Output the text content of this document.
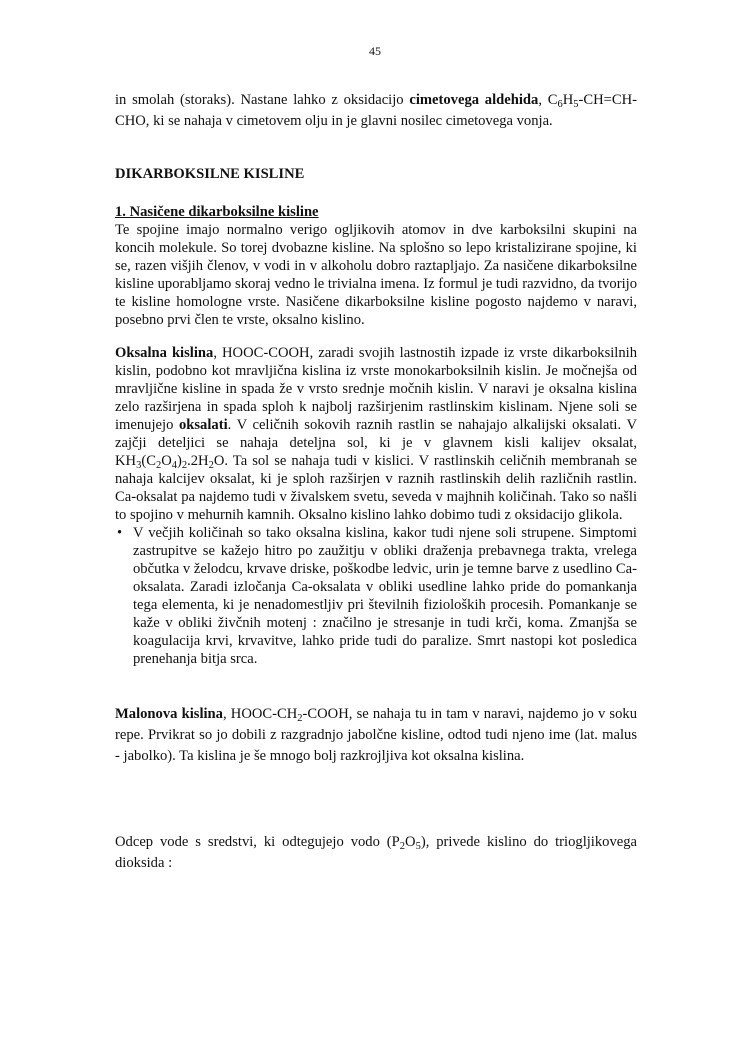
45

in smolah (storaks). Nastane lahko z oksidacijo cimetovega aldehida, $C_6H_5-CH=CH$-CHO, ki se nahaja v cimetovem olju in je glavni nosilec cimetovega vonja.

DIKARBOKSILNE KISLINE

1. Nasičene dikarboksilne kisline

Te spojine imajo normalno verigo ogljikovih atomov in dve karboksilni skupini na koncih molekule. So torej dvobazne kisline. Na splošno so lepo kristalizirane spojine, ki se, razen višjih členov, v vodi in v alkoholu dobro raztapljajo. Za nasičene dikarboksilne kisline uporabljamo skoraj vedno le trivialna imena. Iz formul je tudi razvidno, da tvorijo te kisline homologne vrste. Nasičene dikarboksilne kisline pogosto najdemo v naravi, posebno prvi člen te vrste, oksalno kislino.

Oksalna kislina, HOOC-COOH, zaradi svojih lastnostih izpade iz vrste dikarboksilnih kislin, podobno kot mravljična kislina iz vrste monokarboksilnih kislin. Je močnejša od mravljične kisline in spada že v vrsto srednje močnih kislin. V naravi je oksalna kislina zelo razširjena in spada sploh k najbolj razširjenim rastlinskim kislinam. Njene soli se imenujejo oksalati. V celičnih sokovih raznih rastlin se nahajajo alkalijski oksalati. V zajčji deteljici se nahaja deteljna sol, ki je v glavnem kisli kalijev oksalat, $KH_3(C_2O_4)_2.2H_2O$. Ta sol se nahaja tudi v kislici. V rastlinskih celičnih membranah se nahaja kalcijev oksalat, ki je sploh razširjen v raznih rastlinskih delih različnih rastlin. Ca-oksalat pa najdemo tudi v živalskem svetu, seveda v majhnih količinah. Tako so našli to spojino v mehurnih kamnih. Oksalno kislino lahko dobimo tudi z oksidacijo glikola.

• V večjih količinah so tako oksalna kislina, kakor tudi njene soli strupene. Simptomi zastrupitve se kažejo hitro po zaužitju v obliki draženja prebavnega trakta, vrelega občutka v želodcu, krvave driske, poškodbe ledvic, urin je temne barve z usedlino Ca-oksalata. Zaradi izločanja Ca-oksalata v obliki usedline lahko pride do pomankanja tega elementa, ki je nenadomestljiv pri številnih fizioloških procesih. Pomankanje se kaže v obliki živčnih motenj : značilno je stresanje in tudi krči, koma. Zmanjša se koagulacija krvi, krvavitve, lahko pride tudi do paralize. Smrt nastopi kot posledica prenehanja bitja srca.

Malonova kislina, HOOC-$CH_2$-COOH, se nahaja tu in tam v naravi, najdemo jo v soku repe. Prvikrat so jo dobili z razgradnjo jabolčne kisline, odtod tudi njeno ime (lat. malus - jabolko). Ta kislina je še mnogo bolj razkrojljiva kot oksalna kislina.

Odcep vode s sredstvi, ki odtegujejo vodo $(P_2O_5)$, privede kislino do trioglјikovega dioksida :
